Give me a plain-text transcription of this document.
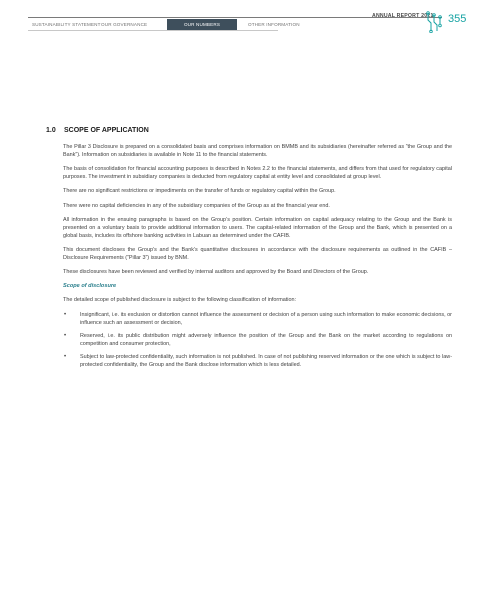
ANNUAL REPORT 2021 355
SUSTAINABILITY STATEMENT OUR GOVERNANCE	OUR NUMBERS	OTHER INFORMATION
1.0	SCOPE OF APPLICATION

The Pillar 3 Disclosure is prepared on a consolidated basis and comprises information on BMMB and its subsidiaries (hereinafter referred as “the Group and the Bank”). Information on subsidiaries is available in Note 11 to the financial statements.

The basis of consolidation for financial accounting purposes is described in Notes 2.2 to the financial statements, and differs from that used for regulatory capital purposes. The investment in subsidiary companies is deducted from regulatory capital at entity level and consolidated at group level.

There are no significant restrictions or impediments on the transfer of funds or regulatory capital within the Group.

There were no capital deficiencies in any of the subsidiary companies of the Group as at the financial year end.

All information in the ensuing paragraphs is based on the Group’s position. Certain information on capital adequacy relating to the Group and the Bank is presented on a voluntary basis to provide additional information to users. The capital-related information of the Group and the Bank, which is presented on a global basis, includes its offshore banking activities in Labuan as determined under the CAFIB.

This document discloses the Group’s and the Bank’s quantitative disclosures in accordance with the disclosure requirements as outlined in the CAFIB – Disclosure Requirements (“Pillar 3”) issued by BNM.

These disclosures have been reviewed and verified by internal auditors and approved by the Board and Directors of the Group.

Scope of disclosure

The detailed scope of published disclosure is subject to the following classification of information:

•	Insignificant, i.e. its exclusion or distortion cannot influence the assessment or decision of a person using such information to make economic decisions, or influence such an assessment or decision,
•	Reserved, i.e. its public distribution might adversely influence the position of the Group and the Bank on the market according to regulations on competition and consumer protection,
•	Subject to law-protected confidentiality, such information is not published. In case of not publishing reserved information or the one which is subject to law-protected confidentiality, the Group and the Bank disclose information which is less detailed.
